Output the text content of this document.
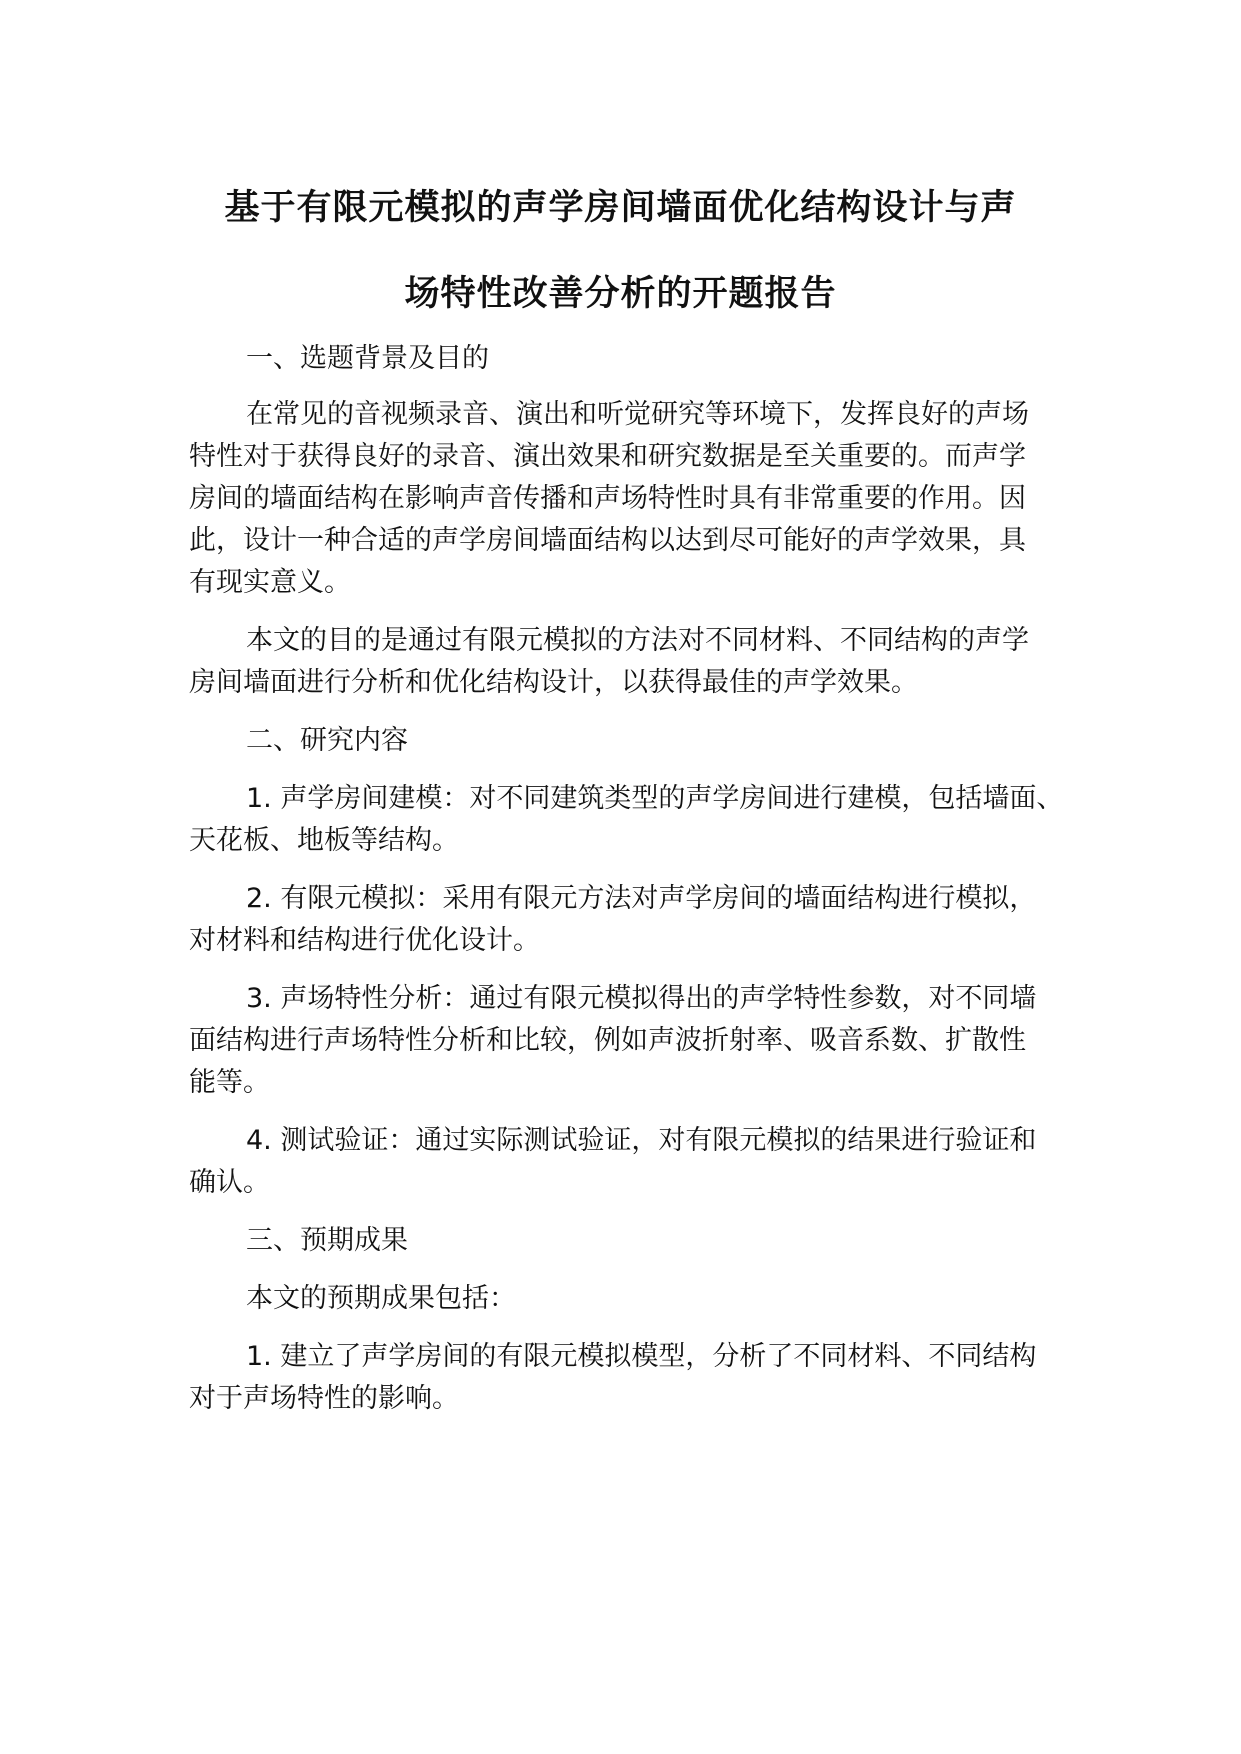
基于有限元模拟的声学房间墙面优化结构设计与声
场特性改善分析的开题报告
一、选题背景及目的
在常见的音视频录音、演出和听觉研究等环境下，发挥良好的声场
特性对于获得良好的录音、演出效果和研究数据是至关重要的。而声学
房间的墙面结构在影响声音传播和声场特性时具有非常重要的作用。因
此，设计一种合适的声学房间墙面结构以达到尽可能好的声学效果，具
有现实意义。
本文的目的是通过有限元模拟的方法对不同材料、不同结构的声学
房间墙面进行分析和优化结构设计，以获得最佳的声学效果。
二、研究内容
1. 声学房间建模：对不同建筑类型的声学房间进行建模，包括墙面、
天花板、地板等结构。
2. 有限元模拟：采用有限元方法对声学房间的墙面结构进行模拟，
对材料和结构进行优化设计。
3. 声场特性分析：通过有限元模拟得出的声学特性参数，对不同墙
面结构进行声场特性分析和比较，例如声波折射率、吸音系数、扩散性
能等。
4. 测试验证：通过实际测试验证，对有限元模拟的结果进行验证和
确认。
三、预期成果
本文的预期成果包括：
1. 建立了声学房间的有限元模拟模型，分析了不同材料、不同结构
对于声场特性的影响。
